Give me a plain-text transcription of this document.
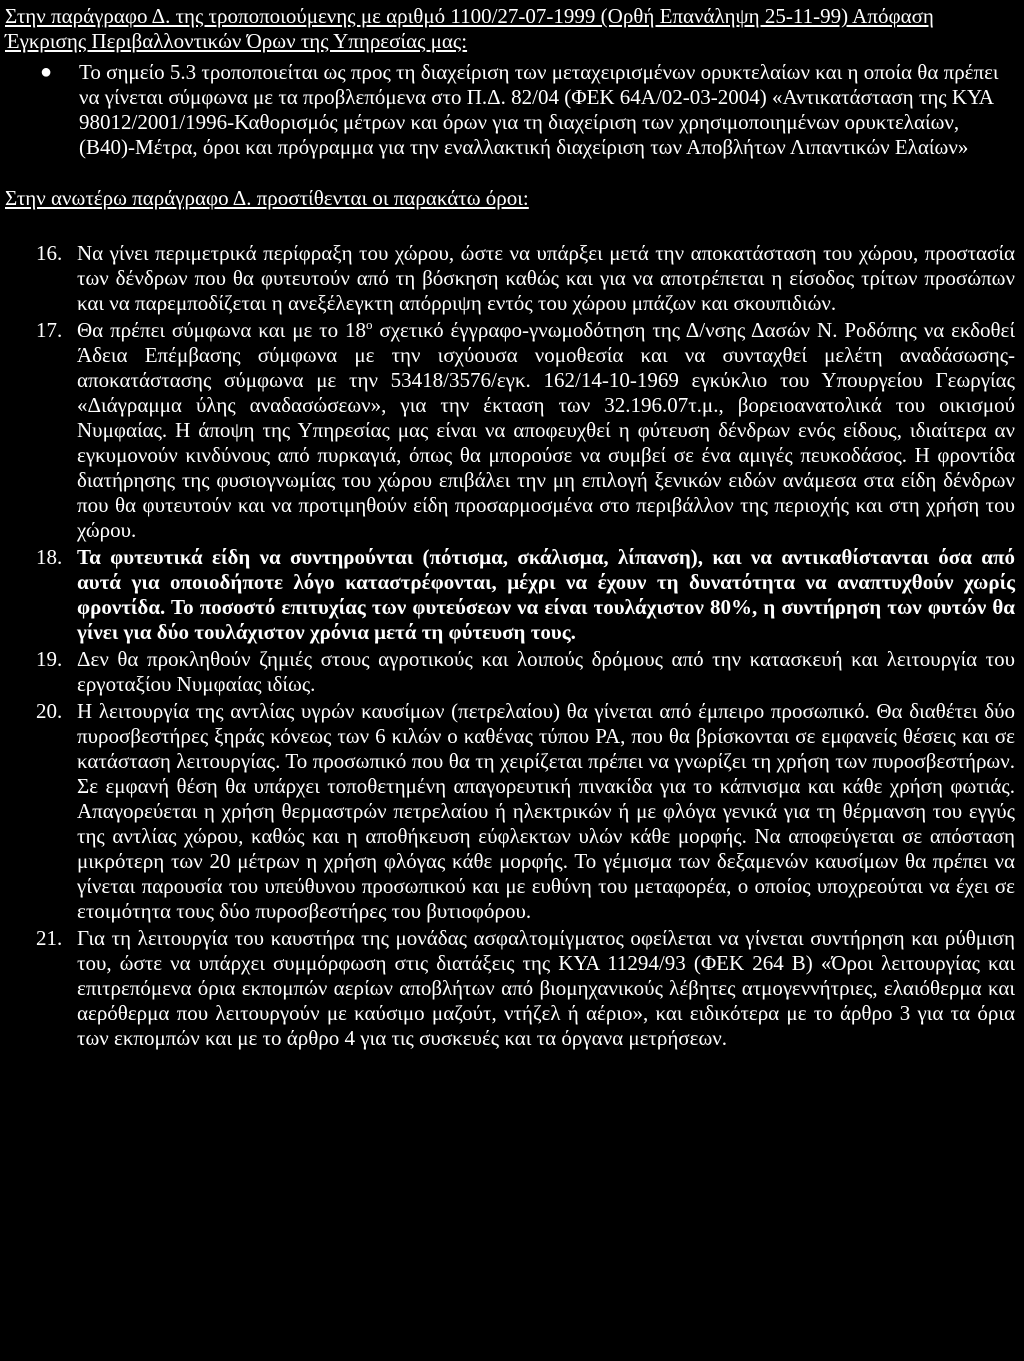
Στην παράγραφο Δ. της τροποποιούμενης με αριθμό 1100/27-07-1999 (Ορθή Επανάληψη 25-11-99) Απόφαση Έγκρισης Περιβαλλοντικών Όρων της Υπηρεσίας μας:

● Το σημείο 5.3 τροποποιείται ως προς τη διαχείριση των μεταχειρισμένων ορυκτελαίων και η οποία θα πρέπει να γίνεται σύμφωνα με τα προβλεπόμενα στο Π.Δ. 82/04 (ΦΕΚ 64Α/02-03-2004) «Αντικατάσταση της ΚΥΑ 98012/2001/1996-Καθορισμός μέτρων και όρων για τη διαχείριση των χρησιμοποιημένων ορυκτελαίων, (Β40)-Μέτρα, όροι και πρόγραμμα για την εναλλακτική διαχείριση των Αποβλήτων Λιπαντικών Ελαίων»

Στην ανωτέρω παράγραφο Δ. προστίθενται οι παρακάτω όροι:

16. Να γίνει περιμετρικά περίφραξη του χώρου, ώστε να υπάρξει μετά την αποκατάσταση του χώρου, προστασία των δένδρων που θα φυτευτούν από τη βόσκηση καθώς και για να αποτρέπεται η είσοδος τρίτων προσώπων και να παρεμποδίζεται η ανεξέλεγκτη απόρριψη εντός του χώρου μπάζων και σκουπιδιών.
17. Θα πρέπει σύμφωνα και με το $18^o$ σχετικό έγγραφο-γνωμοδότηση της Δ/νσης Δασών Ν. Ροδόπης να εκδοθεί Άδεια Επέμβασης σύμφωνα με την ισχύουσα νομοθεσία και να συνταχθεί μελέτη αναδάσωσης-αποκατάστασης σύμφωνα με την 53418/3576/εγκ. 162/14-10-1969 εγκύκλιο του Υπουργείου Γεωργίας «Διάγραμμα ύλης αναδασώσεων», για την έκταση των 32.196.07τ.μ., βορειοανατολικά του οικισμού Νυμφαίας. Η άποψη της Υπηρεσίας μας είναι να αποφευχθεί η φύτευση δένδρων ενός είδους, ιδιαίτερα αν εγκυμονούν κινδύνους από πυρκαγιά, όπως θα μπορούσε να συμβεί σε ένα αμιγές πευκοδάσος. Η φροντίδα διατήρησης της φυσιογνωμίας του χώρου επιβάλει την μη επιλογή ξενικών ειδών ανάμεσα στα είδη δένδρων που θα φυτευτούν και να προτιμηθούν είδη προσαρμοσμένα στο περιβάλλον της περιοχής και στη χρήση του χώρου.
18. Τα φυτευτικά είδη να συντηρούνται (πότισμα, σκάλισμα, λίπανση), και να αντικαθίστανται όσα από αυτά για οποιοδήποτε λόγο καταστρέφονται, μέχρι να έχουν τη δυνατότητα να αναπτυχθούν χωρίς φροντίδα. Το ποσοστό επιτυχίας των φυτεύσεων να είναι τουλάχιστον 80%, η συντήρηση των φυτών θα γίνει για δύο τουλάχιστον χρόνια μετά τη φύτευση τους.
19. Δεν θα προκληθούν ζημιές στους αγροτικούς και λοιπούς δρόμους από την κατασκευή και λειτουργία του εργοταξίου Νυμφαίας ιδίως.
20. Η λειτουργία της αντλίας υγρών καυσίμων (πετρελαίου) θα γίνεται από έμπειρο προσωπικό. Θα διαθέτει δύο πυροσβεστήρες ξηράς κόνεως των 6 κιλών ο καθένας τύπου ΡΑ, που θα βρίσκονται σε εμφανείς θέσεις και σε κατάσταση λειτουργίας. Το προσωπικό που θα τη χειρίζεται πρέπει να γνωρίζει τη χρήση των πυροσβεστήρων. Σε εμφανή θέση θα υπάρχει τοποθετημένη απαγορευτική πινακίδα για το κάπνισμα και κάθε χρήση φωτιάς. Απαγορεύεται η χρήση θερμαστρών πετρελαίου ή ηλεκτρικών ή με φλόγα γενικά για τη θέρμανση του εγγύς της αντλίας χώρου, καθώς και η αποθήκευση εύφλεκτων υλών κάθε μορφής. Να αποφεύγεται σε απόσταση μικρότερη των 20 μέτρων η χρήση φλόγας κάθε μορφής. Το γέμισμα των δεξαμενών καυσίμων θα πρέπει να γίνεται παρουσία του υπεύθυνου προσωπικού και με ευθύνη του μεταφορέα, ο οποίος υποχρεούται να έχει σε ετοιμότητα τους δύο πυροσβεστήρες του βυτιοφόρου.
21. Για τη λειτουργία του καυστήρα της μονάδας ασφαλτομίγματος οφείλεται να γίνεται συντήρηση και ρύθμιση του, ώστε να υπάρχει συμμόρφωση στις διατάξεις της ΚΥΑ 11294/93 (ΦΕΚ 264 Β) «Όροι λειτουργίας και επιτρεπόμενα όρια εκπομπών αερίων αποβλήτων από βιομηχανικούς λέβητες ατμογεννήτριες, ελαιόθερμα και αερόθερμα που λειτουργούν με καύσιμο μαζούτ, ντήζελ ή αέριο», και ειδικότερα με το άρθρο 3 για τα όρια των εκπομπών και με το άρθρο 4 για τις συσκευές και τα όργανα μετρήσεων.
